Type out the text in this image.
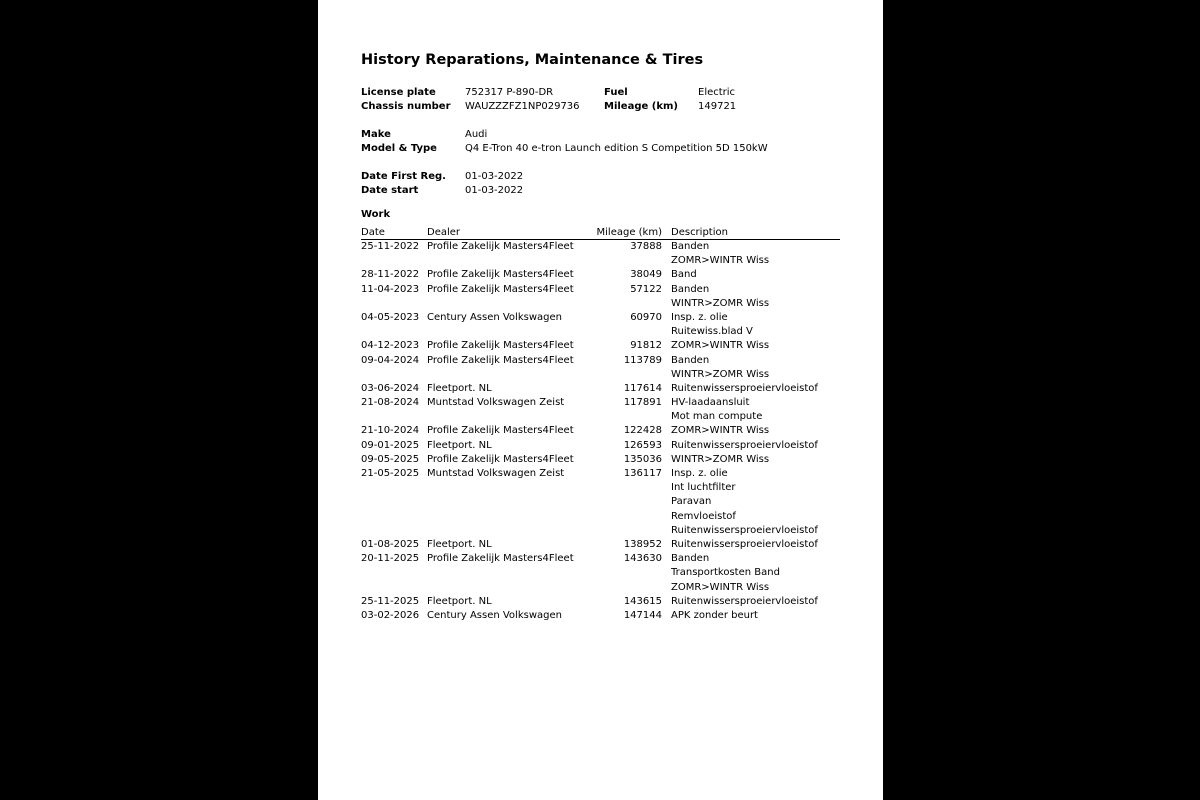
History Reparations, Maintenance & Tires
License plate	752317 P-890-DR	Fuel	Electric
Chassis number WAUZZZFZ1NP029736 Mileage (km) 149721
Make	Audi
Model & Type	Q4 E-Tron 40 e-tron Launch edition S Competition 5D 150kW
Date First Reg. 01-03-2022
Date start	01-03-2022
Work
Date	Dealer	Mileage (km) Description
25-11-2022 Profile Zakelijk Masters4Fleet	37888 Banden
ZOMR>WINTR Wiss
28-11-2022 Profile Zakelijk Masters4Fleet	38049 Band
11-04-2023 Profile Zakelijk Masters4Fleet	57122 Banden
WINTR>ZOMR Wiss
04-05-2023 Century Assen Volkswagen	60970 Insp. z. olie
Ruitewiss.blad V
04-12-2023 Profile Zakelijk Masters4Fleet	91812 ZOMR>WINTR Wiss
09-04-2024 Profile Zakelijk Masters4Fleet	113789 Banden
WINTR>ZOMR Wiss
03-06-2024 Fleetport. NL	117614 Ruitenwissersproeiervloeistof
21-08-2024 Muntstad Volkswagen Zeist	117891 HV-laadaansluit
Mot man compute
21-10-2024 Profile Zakelijk Masters4Fleet	122428 ZOMR>WINTR Wiss
09-01-2025 Fleetport. NL	126593 Ruitenwissersproeiervloeistof
09-05-2025 Profile Zakelijk Masters4Fleet	135036 WINTR>ZOMR Wiss
21-05-2025 Muntstad Volkswagen Zeist	136117 Insp. z. olie
Int luchtfilter
Paravan
Remvloeistof
Ruitenwissersproeiervloeistof
01-08-2025 Fleetport. NL	138952 Ruitenwissersproeiervloeistof
20-11-2025 Profile Zakelijk Masters4Fleet	143630 Banden
Transportkosten Band
ZOMR>WINTR Wiss
25-11-2025 Fleetport. NL	143615 Ruitenwissersproeiervloeistof
03-02-2026 Century Assen Volkswagen	147144 APK zonder beurt
